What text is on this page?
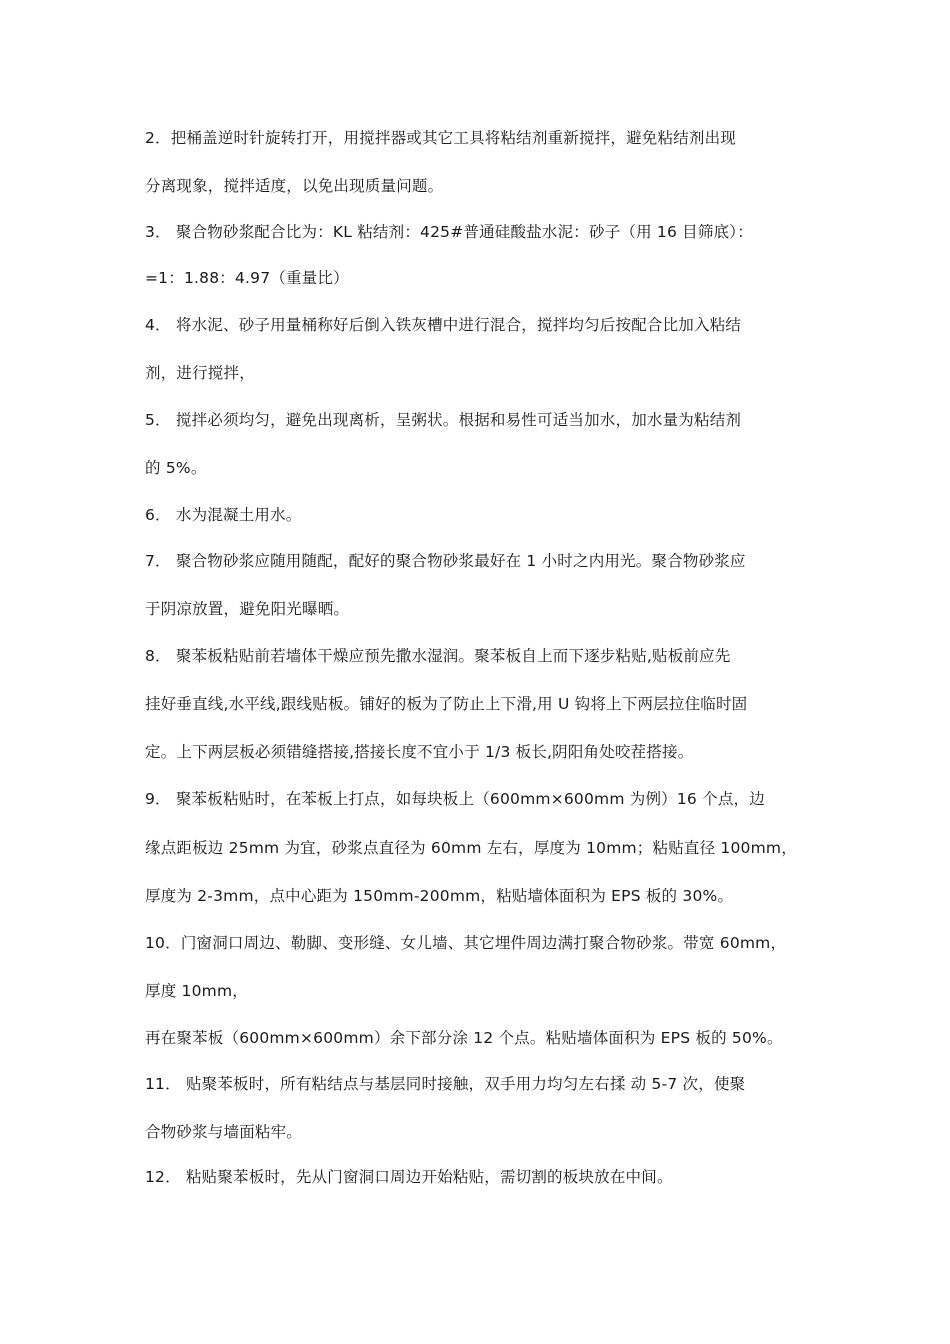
2．把桶盖逆时针旋转打开，用搅拌器或其它工具将粘结剂重新搅拌，避免粘结剂出现
分离现象，搅拌适度，以免出现质量问题。
3． 聚合物砂浆配合比为：KL 粘结剂：425#普通硅酸盐水泥：砂子（用 16 目筛底）：
=1：1.88：4.97（重量比）
4． 将水泥、砂子用量桶称好后倒入铁灰槽中进行混合，搅拌均匀后按配合比加入粘结
剂，进行搅拌，
5． 搅拌必须均匀，避免出现离析，呈粥状。根据和易性可适当加水，加水量为粘结剂
的 5%。
6． 水为混凝土用水。
7． 聚合物砂浆应随用随配，配好的聚合物砂浆最好在 1 小时之内用光。聚合物砂浆应
于阴凉放置，避免阳光曝晒。
8． 聚苯板粘贴前若墙体干燥应预先撒水湿润。聚苯板自上而下逐步粘贴,贴板前应先
挂好垂直线,水平线,跟线贴板。铺好的板为了防止上下滑,用 U 钩将上下两层拉住临时固
定。上下两层板必须错缝搭接,搭接长度不宜小于 1/3 板长,阴阳角处咬茬搭接。
9． 聚苯板粘贴时，在苯板上打点，如每块板上（600mm×600mm 为例）16 个点，边
缘点距板边 25mm 为宜，砂浆点直径为 60mm 左右，厚度为 10mm；粘贴直径 100mm，
厚度为 2-3mm，点中心距为 150mm-200mm，粘贴墙体面积为 EPS 板的 30%。
10．门窗洞口周边、勒脚、变形缝、女儿墙、其它埋件周边满打聚合物砂浆。带宽 60mm，
厚度 10mm，
再在聚苯板（600mm×600mm）余下部分涂 12 个点。粘贴墙体面积为 EPS 板的 50%。
11． 贴聚苯板时，所有粘结点与基层同时接触，双手用力均匀左右揉 动 5-7 次，使聚
合物砂浆与墙面粘牢。
12． 粘贴聚苯板时，先从门窗洞口周边开始粘贴，需切割的板块放在中间。
